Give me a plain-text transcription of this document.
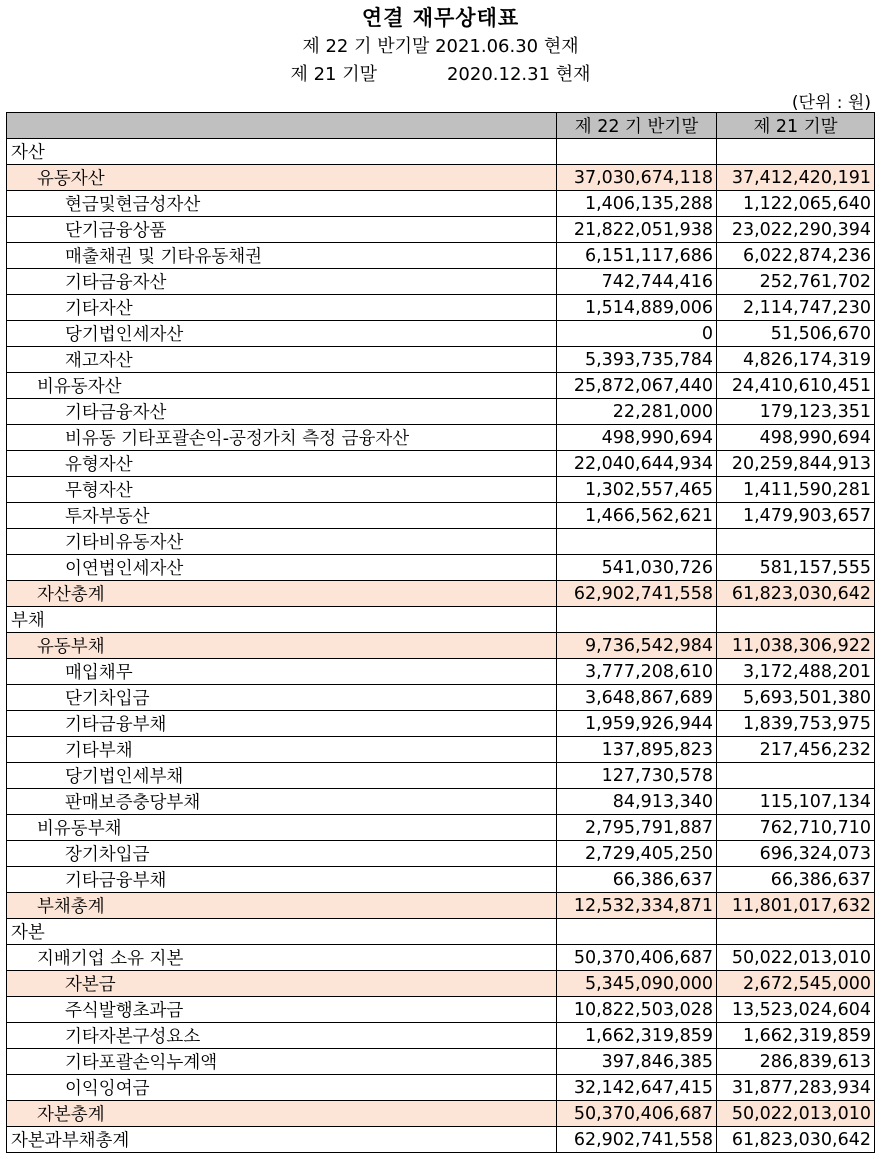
연결 재무상태표
제 22 기 반기말 2021.06.30 현재
제 21 기말	2020.12.31 현재
(단위 : 원)
	제 22 기 반기말	제 21 기말
자산		
유동자산	37,030,674,118	37,412,420,191
현금및현금성자산	1,406,135,288	1,122,065,640
단기금융상품	21,822,051,938	23,022,290,394
매출채권 및 기타유동채권	6,151,117,686	6,022,874,236
기타금융자산	742,744,416	252,761,702
기타자산	1,514,889,006	2,114,747,230
당기법인세자산	0	51,506,670
재고자산	5,393,735,784	4,826,174,319
비유동자산	25,872,067,440	24,410,610,451
기타금융자산	22,281,000	179,123,351
비유동 기타포괄손익-공정가치 측정 금융자산	498,990,694	498,990,694
유형자산	22,040,644,934	20,259,844,913
무형자산	1,302,557,465	1,411,590,281
투자부동산	1,466,562,621	1,479,903,657
기타비유동자산		
이연법인세자산	541,030,726	581,157,555
자산총계	62,902,741,558	61,823,030,642
부채		
유동부채	9,736,542,984	11,038,306,922
매입채무	3,777,208,610	3,172,488,201
단기차입금	3,648,867,689	5,693,501,380
기타금융부채	1,959,926,944	1,839,753,975
기타부채	137,895,823	217,456,232
당기법인세부채	127,730,578	
판매보증충당부채	84,913,340	115,107,134
비유동부채	2,795,791,887	762,710,710
장기차입금	2,729,405,250	696,324,073
기타금융부채	66,386,637	66,386,637
부채총계	12,532,334,871	11,801,017,632
자본		
지배기업 소유 지본	50,370,406,687	50,022,013,010
자본금	5,345,090,000	2,672,545,000
주식발행초과금	10,822,503,028	13,523,024,604
기타자본구성요소	1,662,319,859	1,662,319,859
기타포괄손익누계액	397,846,385	286,839,613
이익잉여금	32,142,647,415	31,877,283,934
자본총계	50,370,406,687	50,022,013,010
자본과부채총계	62,902,741,558	61,823,030,642
